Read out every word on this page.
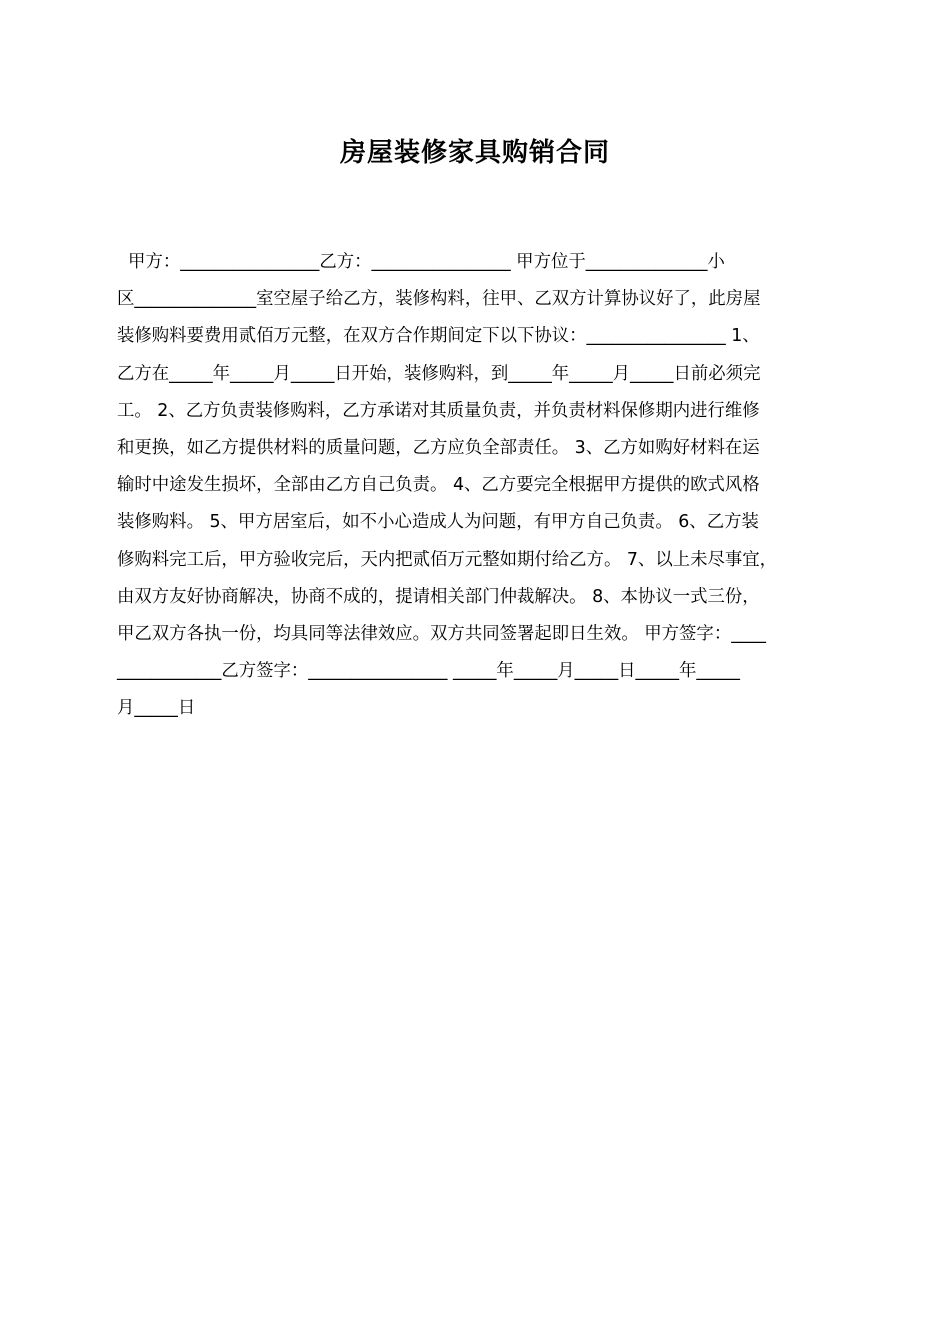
房屋装修家具购销合同
甲方：________________乙方：________________ 甲方位于______________小
区______________室空屋子给乙方，装修构料，往甲、乙双方计算协议好了，此房屋
装修购料要费用贰佰万元整，在双方合作期间定下以下协议：________________ 1、
乙方在_____年_____月_____日开始，装修购料，到_____年_____月_____日前必须完
工。 2、乙方负责装修购料，乙方承诺对其质量负责，并负责材料保修期内进行维修
和更换，如乙方提供材料的质量问题，乙方应负全部责任。 3、乙方如购好材料在运
输时中途发生损坏，全部由乙方自己负责。 4、乙方要完全根据甲方提供的欧式风格
装修购料。 5、甲方居室后，如不小心造成人为问题，有甲方自己负责。 6、乙方装
修购料完工后，甲方验收完后，天内把贰佰万元整如期付给乙方。 7、以上未尽事宜，
由双方友好协商解决，协商不成的，提请相关部门仲裁解决。 8、本协议一式三份，
甲乙双方各执一份，均具同等法律效应。双方共同签署起即日生效。 甲方签字：____
____________乙方签字：________________ _____年_____月_____日_____年_____
月_____日
